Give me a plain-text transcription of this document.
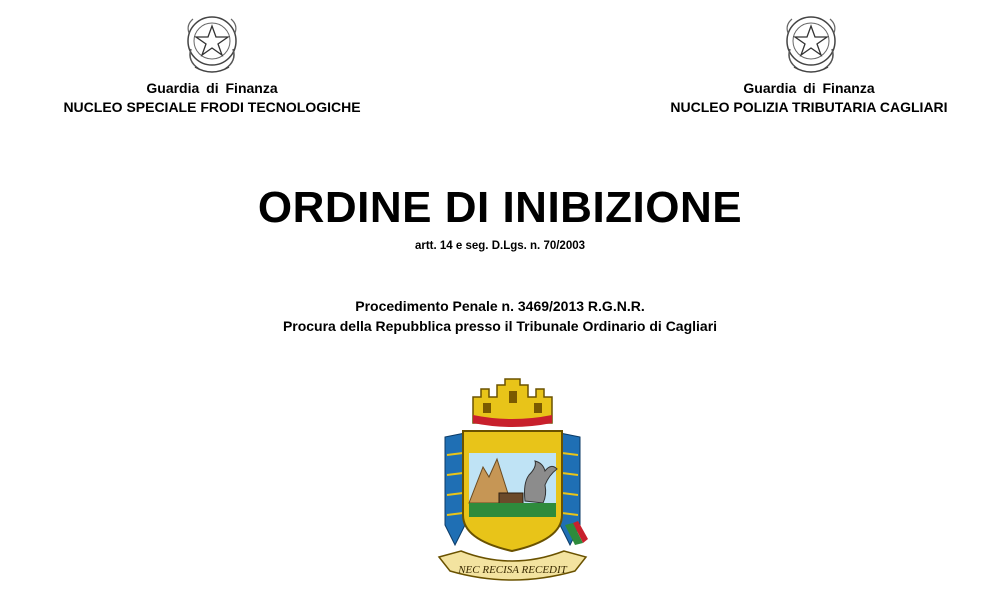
Guardia di Finanza
NUCLEO SPECIALE FRODI TECNOLOGICHE
Guardia di Finanza
NUCLEO POLIZIA TRIBUTARIA CAGLIARI
ORDINE DI INIBIZIONE
artt. 14 e seg. D.Lgs. n. 70/2003
Procedimento Penale n. 3469/2013 R.G.N.R.
Procura della Repubblica presso il Tribunale Ordinario di Cagliari
NEC RECISA RECEDIT
